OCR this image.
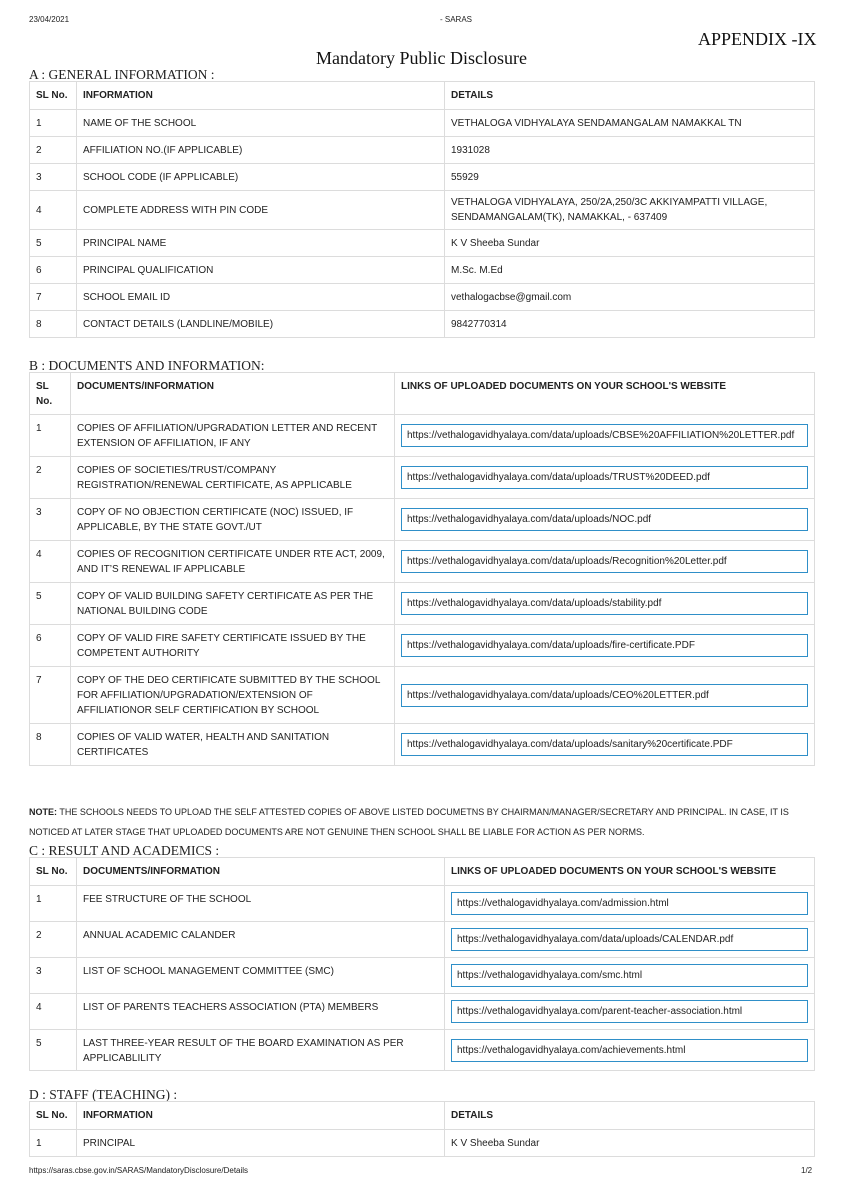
23/04/2021	- SARAS
APPENDIX -IX
Mandatory Public Disclosure
A : GENERAL INFORMATION :
SL No.	INFORMATION	DETAILS
1	NAME OF THE SCHOOL	VETHALOGA VIDHYALAYA SENDAMANGALAM NAMAKKAL TN
2	AFFILIATION NO.(IF APPLICABLE)	1931028
3	SCHOOL CODE (IF APPLICABLE)	55929
4	COMPLETE ADDRESS WITH PIN CODE	VETHALOGA VIDHYALAYA, 250/2A,250/3C AKKIYAMPATTI VILLAGE, SENDAMANGALAM(TK), NAMAKKAL, - 637409
5	PRINCIPAL NAME	K V Sheeba Sundar
6	PRINCIPAL QUALIFICATION	M.Sc. M.Ed
7	SCHOOL EMAIL ID	vethalogacbse@gmail.com
8	CONTACT DETAILS (LANDLINE/MOBILE)	9842770314
B : DOCUMENTS AND INFORMATION:
SL No.	DOCUMENTS/INFORMATION	LINKS OF UPLOADED DOCUMENTS ON YOUR SCHOOL'S WEBSITE
1	COPIES OF AFFILIATION/UPGRADATION LETTER AND RECENT EXTENSION OF AFFILIATION, IF ANY	https://vethalogavidhyalaya.com/data/uploads/CBSE%20AFFILIATION%20LETTER.pdf

2	COPIES OF SOCIETIES/TRUST/COMPANY REGISTRATION/RENEWAL CERTIFICATE, AS APPLICABLE	https://vethalogavidhyalaya.com/data/uploads/TRUST%20DEED.pdf

3	COPY OF NO OBJECTION CERTIFICATE (NOC) ISSUED, IF APPLICABLE, BY THE STATE GOVT./UT	https://vethalogavidhyalaya.com/data/uploads/NOC.pdf

4	COPIES OF RECOGNITION CERTIFICATE UNDER RTE ACT, 2009, AND IT’S RENEWAL IF APPLICABLE	https://vethalogavidhyalaya.com/data/uploads/Recognition%20Letter.pdf

5	COPY OF VALID BUILDING SAFETY CERTIFICATE AS PER THE NATIONAL BUILDING CODE	https://vethalogavidhyalaya.com/data/uploads/stability.pdf

6	COPY OF VALID FIRE SAFETY CERTIFICATE ISSUED BY THE COMPETENT AUTHORITY	https://vethalogavidhyalaya.com/data/uploads/fire-certificate.PDF

7	COPY OF THE DEO CERTIFICATE SUBMITTED BY THE SCHOOL FOR AFFILIATION/UPGRADATION/EXTENSION OF AFFILIATIONOR SELF CERTIFICATION BY SCHOOL	https://vethalogavidhyalaya.com/data/uploads/CEO%20LETTER.pdf

8	COPIES OF VALID WATER, HEALTH AND SANITATION CERTIFICATES	https://vethalogavidhyalaya.com/data/uploads/sanitary%20certificate.PDF
NOTE: THE SCHOOLS NEEDS TO UPLOAD THE SELF ATTESTED COPIES OF ABOVE LISTED DOCUMETNS BY CHAIRMAN/MANAGER/SECRETARY AND PRINCIPAL. IN CASE, IT IS NOTICED AT LATER STAGE THAT UPLOADED DOCUMENTS ARE NOT GENUINE THEN SCHOOL SHALL BE LIABLE FOR ACTION AS PER NORMS.
C : RESULT AND ACADEMICS :
SL No.	DOCUMENTS/INFORMATION	LINKS OF UPLOADED DOCUMENTS ON YOUR SCHOOL'S WEBSITE
1	FEE STRUCTURE OF THE SCHOOL	https://vethalogavidhyalaya.com/admission.html

2	ANNUAL ACADEMIC CALANDER	https://vethalogavidhyalaya.com/data/uploads/CALENDAR.pdf

3	LIST OF SCHOOL MANAGEMENT COMMITTEE (SMC)	https://vethalogavidhyalaya.com/smc.html

4	LIST OF PARENTS TEACHERS ASSOCIATION (PTA) MEMBERS	https://vethalogavidhyalaya.com/parent-teacher-association.html

5	LAST THREE-YEAR RESULT OF THE BOARD EXAMINATION AS PER APPLICABLILITY	https://vethalogavidhyalaya.com/achievements.html
D : STAFF (TEACHING) :
SL No.	INFORMATION	DETAILS
1	PRINCIPAL	K V Sheeba Sundar
https://saras.cbse.gov.in/SARAS/MandatoryDisclosure/Details	1/2
